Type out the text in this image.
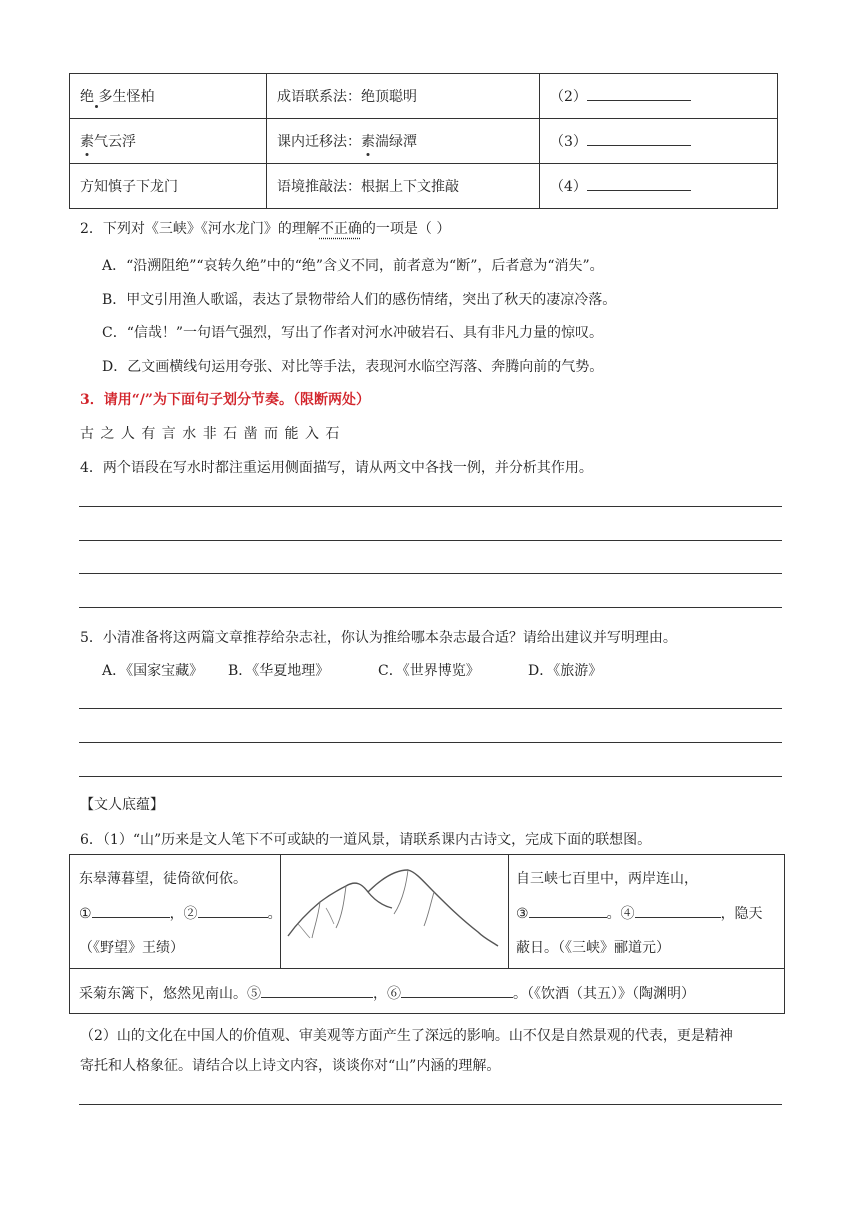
绝 多生怪柏	成语联系法：绝顶聪明	（2）
素气云浮	课内迁移法：素湍绿潭	（3）
方知慎子下龙门	语境推敲法：根据上下文推敲	（4）
2．下列对《三峡》《河水龙门》的理解不正确的一项是（ ）
A．“沿溯阻绝”“哀转久绝”中的“绝”含义不同，前者意为“断”，后者意为“消失”。
B．甲文引用渔人歌谣，表达了景物带给人们的感伤情绪，突出了秋天的凄凉冷落。
C．“信哉！”一句语气强烈，写出了作者对河水冲破岩石、具有非凡力量的惊叹。
D．乙文画横线句运用夸张、对比等手法，表现河水临空泻落、奔腾向前的气势。
3．请用“/”为下面句子划分节奏。（限断两处）
古 之 人 有 言 水 非 石 凿 而 能 入 石
4．两个语段在写水时都注重运用侧面描写，请从两文中各找一例，并分析其作用。
5．小清准备将这两篇文章推荐给杂志社，你认为推给哪本杂志最合适？请给出建议并写明理由。
A．《国家宝藏》 B．《华夏地理》	C．《世界博览》	D．《旅游》
【文人底蕴】
6．（1）“山”历来是文人笔下不可或缺的一道风景，请联系课内古诗文，完成下面的联想图。
东皋薄暮望，徒倚欲何依。
①	，②	。
（《野望》王绩）
自三峡七百里中，两岸连山，
③	。④	，隐天
蔽日。（《三峡》郦道元）
采菊东篱下，悠然见南山。⑤	，⑥	。（《饮酒（其五）》（陶渊明）
（2）山的文化在中国人的价值观、审美观等方面产生了深远的影响。山不仅是自然景观的代表，更是精神
寄托和人格象征。请结合以上诗文内容，谈谈你对“山”内涵的理解。
